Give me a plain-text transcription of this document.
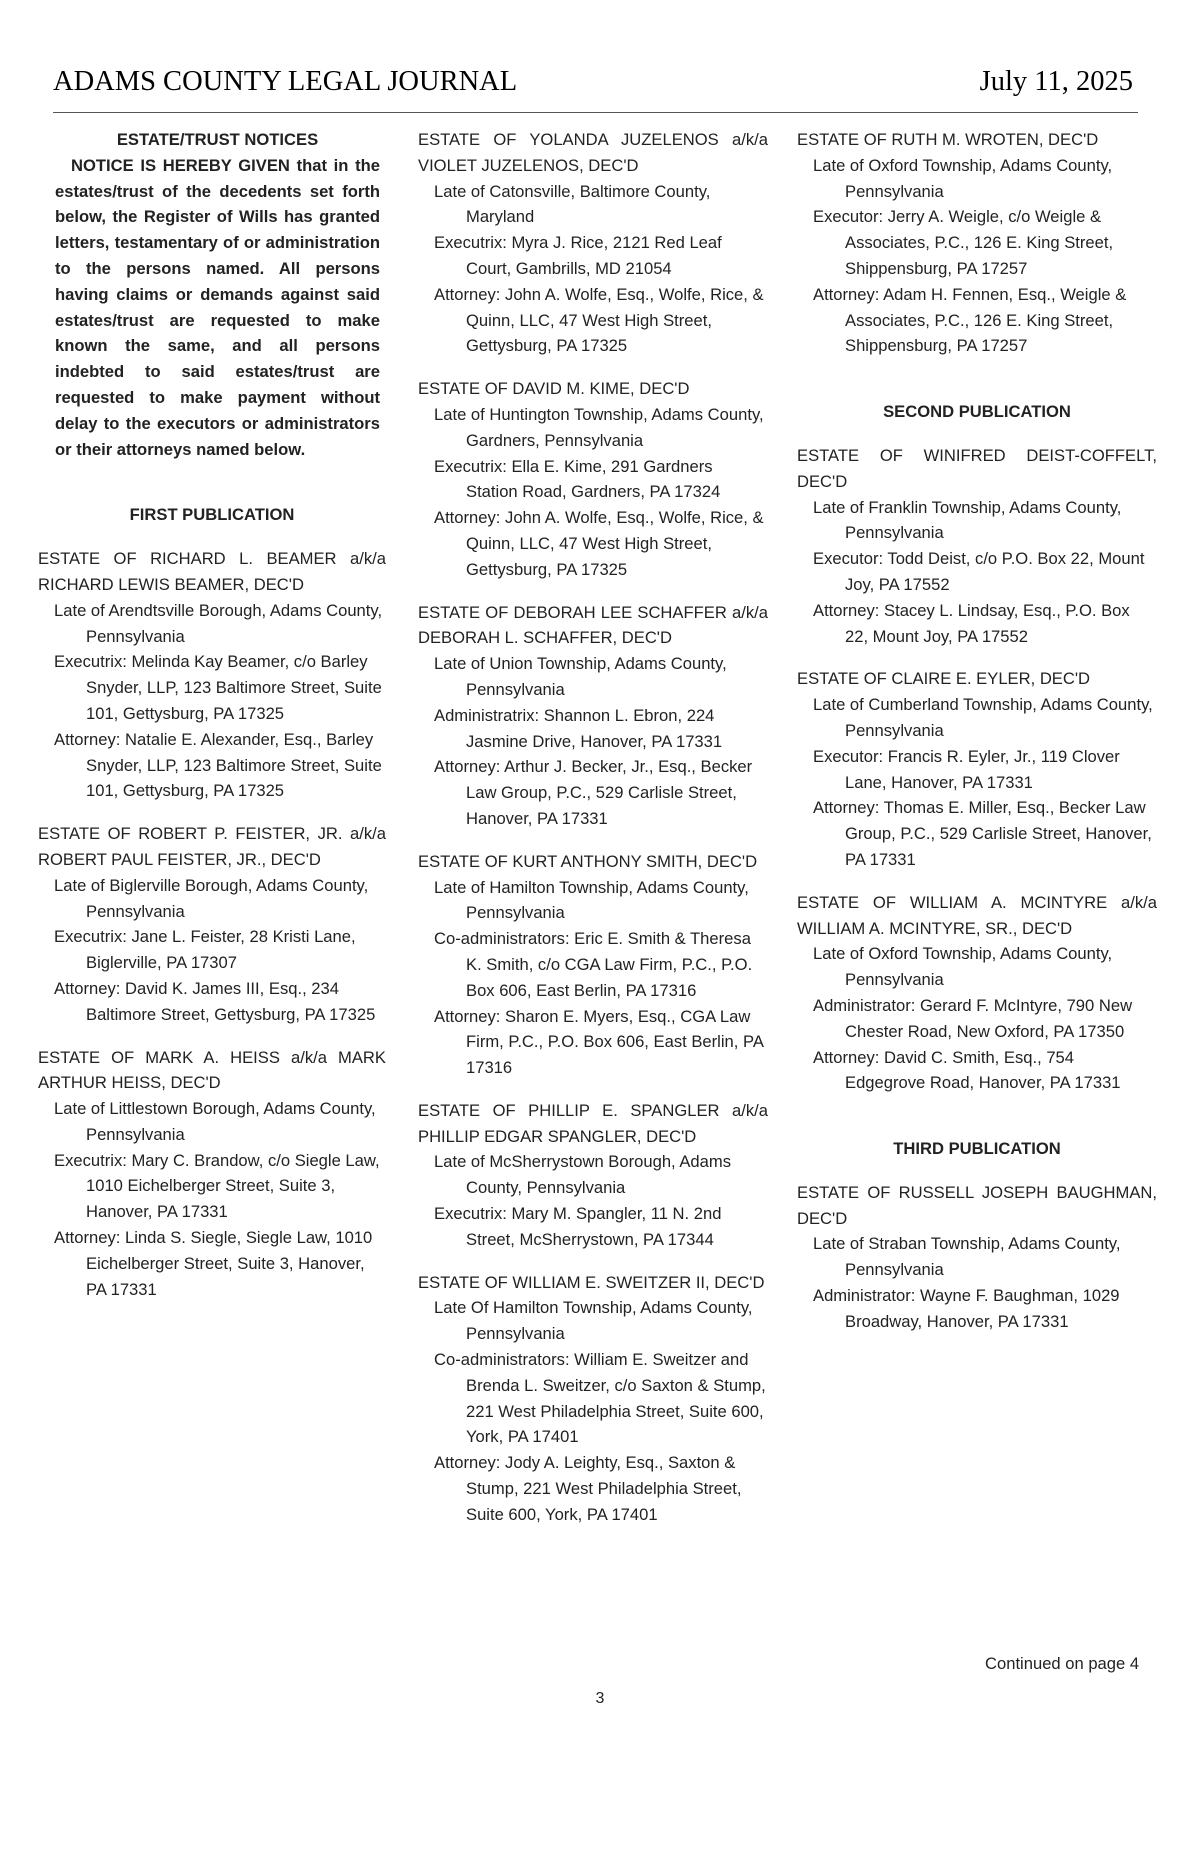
ADAMS COUNTY LEGAL JOURNAL	July 11, 2025

ESTATE/TRUST NOTICES

NOTICE IS HEREBY GIVEN that in the estates/trust of the decedents set forth below, the Register of Wills has granted letters, testamentary of or administration to the persons named. All persons having claims or demands against said estates/trust are requested to make known the same, and all persons indebted to said estates/trust are requested to make payment without delay to the executors or administrators or their attorneys named below.

FIRST PUBLICATION

ESTATE OF RICHARD L. BEAMER a/k/a RICHARD LEWIS BEAMER, DEC'D

Late of Arendtsville Borough, Adams County, Pennsylvania

Executrix: Melinda Kay Beamer, c/o Barley Snyder, LLP, 123 Baltimore Street, Suite 101, Gettysburg, PA 17325

Attorney: Natalie E. Alexander, Esq., Barley Snyder, LLP, 123 Baltimore Street, Suite 101, Gettysburg, PA 17325

ESTATE OF ROBERT P. FEISTER, JR. a/k/a ROBERT PAUL FEISTER, JR., DEC'D

Late of Biglerville Borough, Adams County, Pennsylvania

Executrix: Jane L. Feister, 28 Kristi Lane, Biglerville, PA 17307

Attorney: David K. James III, Esq., 234 Baltimore Street, Gettysburg, PA 17325

ESTATE OF MARK A. HEISS a/k/a MARK ARTHUR HEISS, DEC'D

Late of Littlestown Borough, Adams County, Pennsylvania

Executrix: Mary C. Brandow, c/o Siegle Law, 1010 Eichelberger Street, Suite 3, Hanover, PA 17331

Attorney: Linda S. Siegle, Siegle Law, 1010 Eichelberger Street, Suite 3, Hanover, PA 17331

ESTATE OF YOLANDA JUZELENOS a/k/a VIOLET JUZELENOS, DEC'D

Late of Catonsville, Baltimore County, Maryland

Executrix: Myra J. Rice, 2121 Red Leaf Court, Gambrills, MD 21054

Attorney: John A. Wolfe, Esq., Wolfe, Rice, & Quinn, LLC, 47 West High Street, Gettysburg, PA 17325

ESTATE OF DAVID M. KIME, DEC'D

Late of Huntington Township, Adams County, Gardners, Pennsylvania

Executrix: Ella E. Kime, 291 Gardners Station Road, Gardners, PA 17324

Attorney: John A. Wolfe, Esq., Wolfe, Rice, & Quinn, LLC, 47 West High Street, Gettysburg, PA 17325

ESTATE OF DEBORAH LEE SCHAFFER a/k/a DEBORAH L. SCHAFFER, DEC'D

Late of Union Township, Adams County, Pennsylvania

Administratrix: Shannon L. Ebron, 224 Jasmine Drive, Hanover, PA 17331

Attorney: Arthur J. Becker, Jr., Esq., Becker Law Group, P.C., 529 Carlisle Street, Hanover, PA 17331

ESTATE OF KURT ANTHONY SMITH, DEC'D

Late of Hamilton Township, Adams County, Pennsylvania

Co-administrators: Eric E. Smith & Theresa K. Smith, c/o CGA Law Firm, P.C., P.O. Box 606, East Berlin, PA 17316

Attorney: Sharon E. Myers, Esq., CGA Law Firm, P.C., P.O. Box 606, East Berlin, PA 17316

ESTATE OF PHILLIP E. SPANGLER a/k/a PHILLIP EDGAR SPANGLER, DEC'D

Late of McSherrystown Borough, Adams County, Pennsylvania

Executrix: Mary M. Spangler, 11 N. 2nd Street, McSherrystown, PA 17344

ESTATE OF WILLIAM E. SWEITZER II, DEC'D

Late Of Hamilton Township, Adams County, Pennsylvania

Co-administrators: William E. Sweitzer and Brenda L. Sweitzer, c/o Saxton & Stump, 221 West Philadelphia Street, Suite 600, York, PA 17401

Attorney: Jody A. Leighty, Esq., Saxton & Stump, 221 West Philadelphia Street, Suite 600, York, PA 17401

ESTATE OF RUTH M. WROTEN, DEC'D

Late of Oxford Township, Adams County, Pennsylvania

Executor: Jerry A. Weigle, c/o Weigle & Associates, P.C., 126 E. King Street, Shippensburg, PA 17257

Attorney: Adam H. Fennen, Esq., Weigle & Associates, P.C., 126 E. King Street, Shippensburg, PA 17257

SECOND PUBLICATION

ESTATE OF WINIFRED DEIST-COFFELT, DEC'D

Late of Franklin Township, Adams County, Pennsylvania

Executor: Todd Deist, c/o P.O. Box 22, Mount Joy, PA 17552

Attorney: Stacey L. Lindsay, Esq., P.O. Box 22, Mount Joy, PA 17552

ESTATE OF CLAIRE E. EYLER, DEC'D

Late of Cumberland Township, Adams County, Pennsylvania

Executor: Francis R. Eyler, Jr., 119 Clover Lane, Hanover, PA 17331

Attorney: Thomas E. Miller, Esq., Becker Law Group, P.C., 529 Carlisle Street, Hanover, PA 17331

ESTATE OF WILLIAM A. MCINTYRE a/k/a WILLIAM A. MCINTYRE, SR., DEC'D

Late of Oxford Township, Adams County, Pennsylvania

Administrator: Gerard F. McIntyre, 790 New Chester Road, New Oxford, PA 17350

Attorney: David C. Smith, Esq., 754 Edgegrove Road, Hanover, PA 17331

THIRD PUBLICATION

ESTATE OF RUSSELL JOSEPH BAUGHMAN, DEC'D

Late of Straban Township, Adams County, Pennsylvania

Administrator: Wayne F. Baughman, 1029 Broadway, Hanover, PA 17331

Continued on page 4
3
